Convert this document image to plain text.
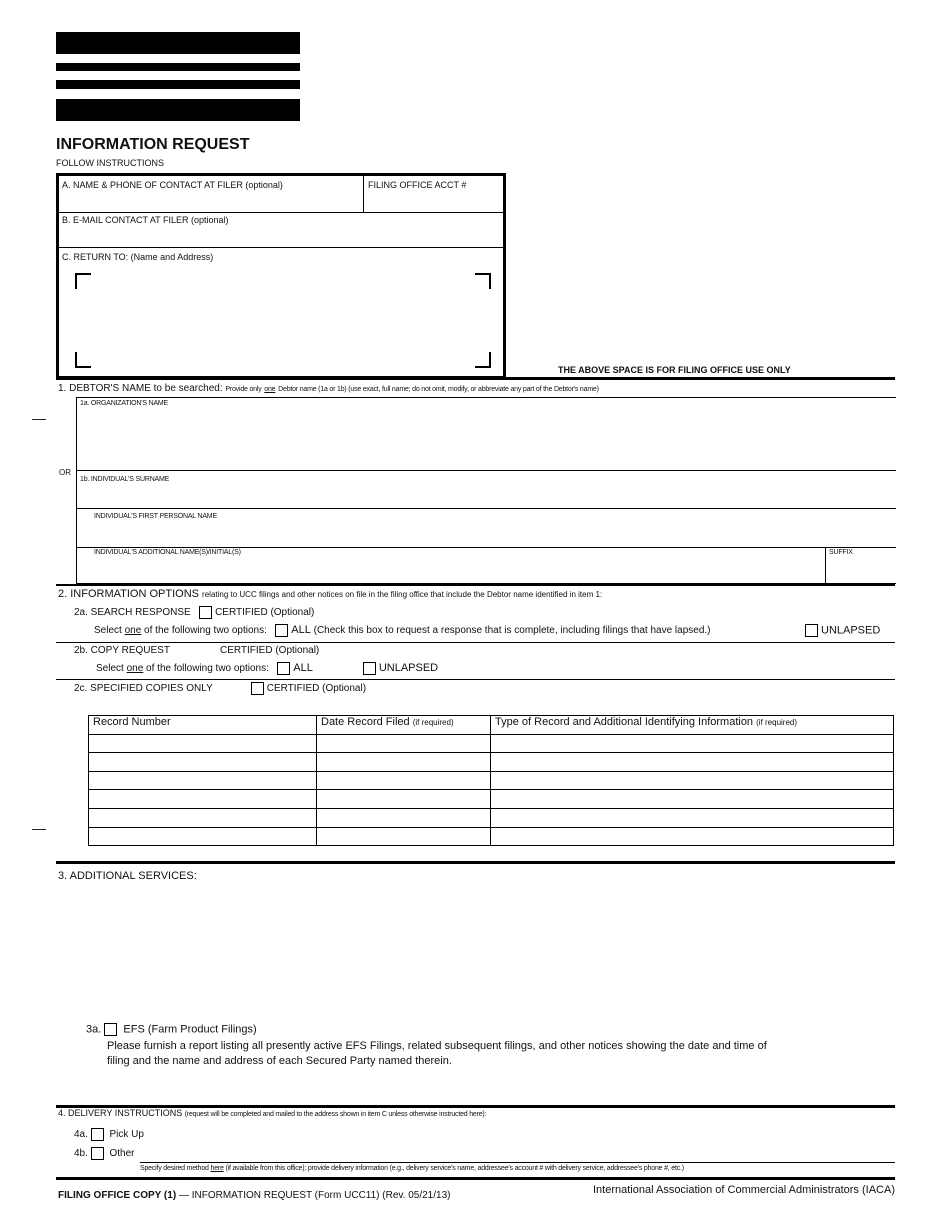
INFORMATION REQUEST
FOLLOW INSTRUCTIONS
A. NAME & PHONE OF CONTACT AT FILER (optional)	FILING OFFICE ACCT #
B. E-MAIL CONTACT AT FILER (optional)
C. RETURN TO: (Name and Address)
THE ABOVE SPACE IS FOR FILING OFFICE USE ONLY
1. DEBTOR'S NAME to be searched: Provide only one Debtor name (1a or 1b) (use exact, full name; do not omit, modify, or abbreviate any part of the Debtor's name)
—
1a. ORGANIZATION'S NAME
OR
1b. INDIVIDUAL'S SURNAME
INDIVIDUAL'S FIRST PERSONAL NAME
INDIVIDUAL'S ADDITIONAL NAME(S)/INITIAL(S)	SUFFIX
2. INFORMATION OPTIONS relating to UCC filings and other notices on file in the filing office that include the Debtor name identified in item 1:
2a. SEARCH RESPONSE CERTIFIED (Optional)
Select one of the following two options: ALL (Check this box to request a response that is complete, including filings that have lapsed.)	UNLAPSED
2b. COPY REQUEST	CERTIFIED (Optional)
Select one of the following two options: ALL	UNLAPSED
2c. SPECIFIED COPIES ONLY	CERTIFIED (Optional)
Record Number	Date Record Filed (if required)	Type of Record and Additional Identifying Information (if required)

—
3. ADDITIONAL SERVICES:
3a. EFS (Farm Product Filings)
Please furnish a report listing all presently active EFS Filings, related subsequent filings, and other notices showing the date and time of
filing and the name and address of each Secured Party named therein.
4. DELIVERY INSTRUCTIONS (request will be completed and mailed to the address shown in item C unless otherwise instructed here):
4a. Pick Up
4b. Other
Specify desired method here (if available from this office); provide delivery information (e.g., delivery service's name, addressee's account # with delivery service, addressee's phone #, etc.)
FILING OFFICE COPY (1) — INFORMATION REQUEST (Form UCC11) (Rev. 05/21/13)	International Association of Commercial Administrators (IACA)
